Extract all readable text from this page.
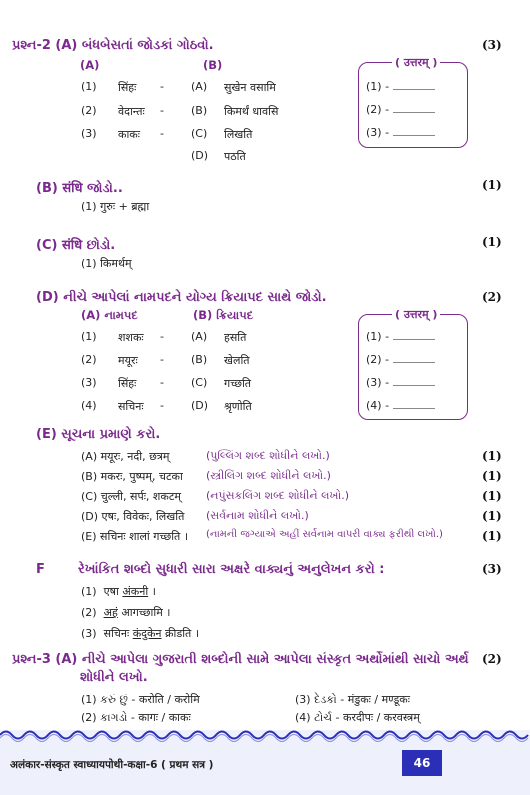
પ્રશ્ન-2 (A) બંધબેસતાં જોડકાં ગોઠવો.	(3)
(A)	(B)
(1) सिंहः - (A) सुखेन वसामि
(2) वेदान्तः - (B) किमर्थं धावसि
(3) काकः - (C) लिखति
(D) पठति
( उत्तरम् )
(1) -
(2) -
(3) -
(B) संधि જોડો..	(1)
(1) गुरुः + ब्रह्मा
(C) संधि છોડો.	(1)
(1) किमर्थम्
(D) નીચે આપેલાં નામપદને યોગ્ય ક્રિયાપદ સાથે જોડો.	(2)
(A) નામપદ	(B) ક્રિયાપદ
(1) शशकः - (A) हसति
(2) मयूरः - (B) खेलति
(3) सिंहः - (C) गच्छति
(4) सचिनः - (D) श्रृणोति
( उत्तरम् )
(1) -
(2) -
(3) -
(4) -
(E) સૂચના પ્રમાણે કરો.
(A) मयूरः, नदी, छत्रम्	(પુલ્લિંગ શબ્દ શોધીને લખો.)	(1)
(B) मकरः, पुष्पम्, चटका (સ્ત્રીલિંગ શબ્દ શોધીને લખો.)	(1)
(C) चुल्ली, सर्पः, शकटम् (નપુંસકલિંગ શબ્દ શોધીને લખો.)	(1)
(D) एषः, विवेकः, लिखति (સર્વનામ શોધીને લખો.)	(1)
(E) सचिनः शालां गच्छति । (નામની જગ્યાએ અહીં સર્વનામ વાપરી વાક્ય ફરીથી લખો.)	(1)
F	રેખાંકિત શબ્દો સુધારી સારા અક્ષરે વાક્યનું અનુલેખન કરો :	(3)
(1) एषा अंकनी ।
(2) अहं आगच्छामि ।
(3) सचिनः कंदुकेन क्रीडति ।
પ્રશ્ન-3 (A) નીચે આપેલા ગુજરાતી શબ્દોની સામે આપેલા સંસ્કૃત અર્થોમાંથી સાચો અર્થ
શોધીને લખો.
(2)
(1) કરું છું - करोति / करोमि
(2) કાગડો - कागः / काकः
(3) દેડકો - मंडुकः / मण्डूकः
(4) ટોર્ચ - करदीपः / करवस्त्रम्
अलंकार-संस्कृत स्वाध्यायपोथी-कक्षा-6 ( प्रथम सत्र )	46
